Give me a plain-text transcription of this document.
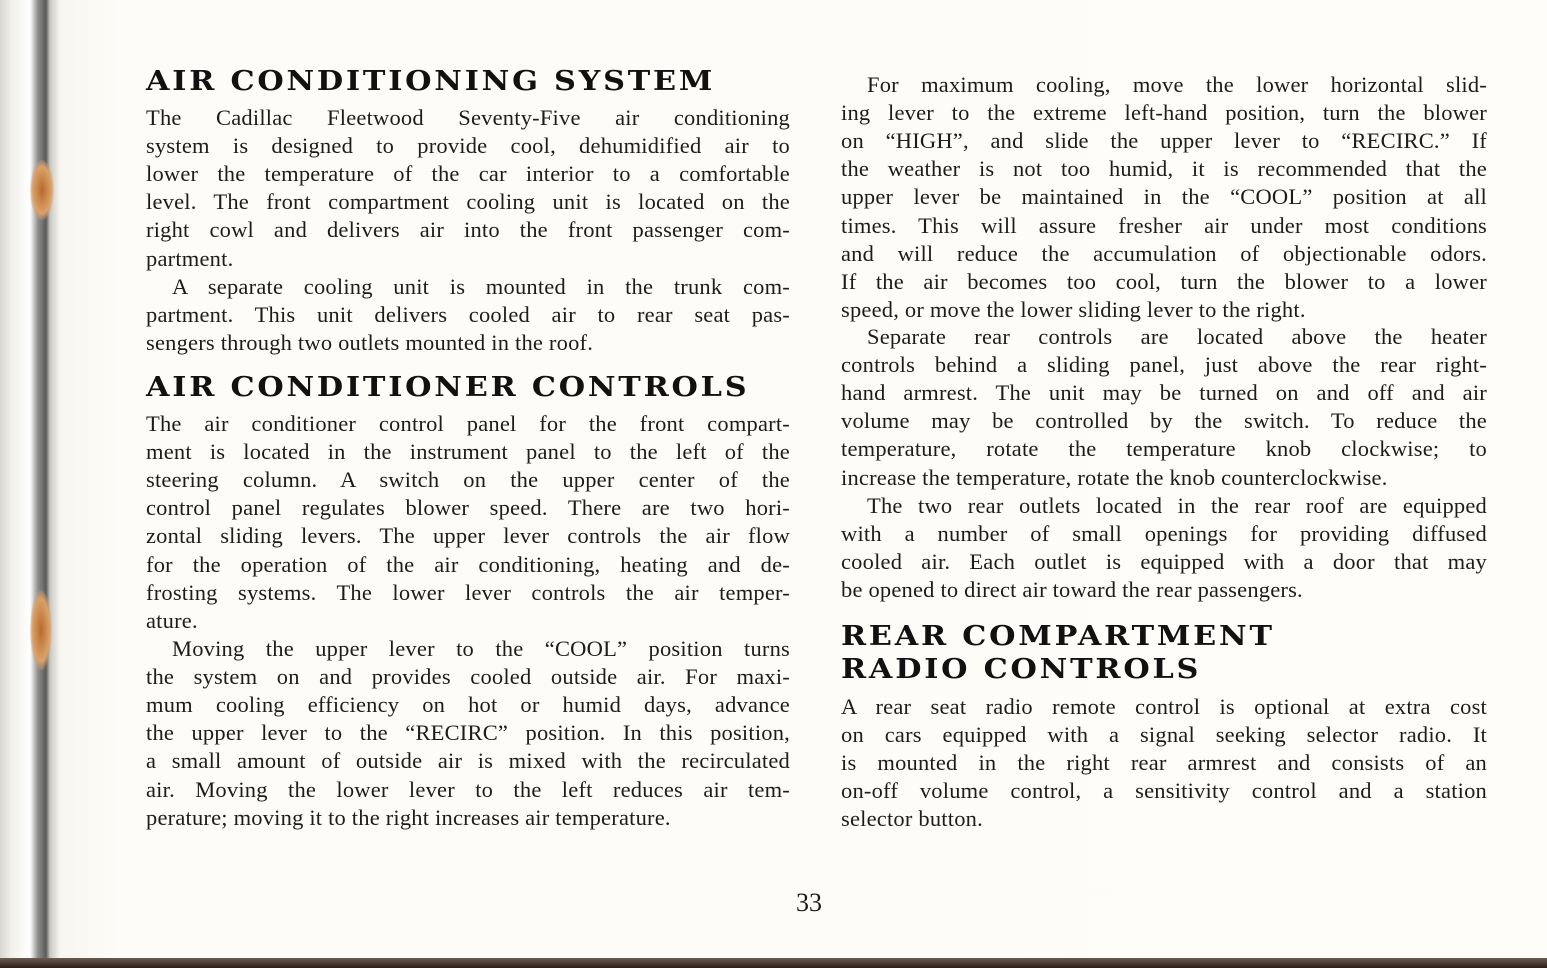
AIR CONDITIONING SYSTEM
The Cadillac Fleetwood Seventy-Five air conditioning
system is designed to provide cool, dehumidified air to
lower the temperature of the car interior to a comfortable
level. The front compartment cooling unit is located on the
right cowl and delivers air into the front passenger com-
partment.
A separate cooling unit is mounted in the trunk com-
partment. This unit delivers cooled air to rear seat pas-
sengers through two outlets mounted in the roof.
AIR CONDITIONER CONTROLS
The air conditioner control panel for the front compart-
ment is located in the instrument panel to the left of the
steering column. A switch on the upper center of the
control panel regulates blower speed. There are two hori-
zontal sliding levers. The upper lever controls the air flow
for the operation of the air conditioning, heating and de-
frosting systems. The lower lever controls the air temper-
ature.
Moving the upper lever to the “COOL” position turns
the system on and provides cooled outside air. For maxi-
mum cooling efficiency on hot or humid days, advance
the upper lever to the “RECIRC” position. In this position,
a small amount of outside air is mixed with the recirculated
air. Moving the lower lever to the left reduces air tem-
perature; moving it to the right increases air temperature.
For maximum cooling, move the lower horizontal slid-
ing lever to the extreme left-hand position, turn the blower
on “HIGH”, and slide the upper lever to “RECIRC.” If
the weather is not too humid, it is recommended that the
upper lever be maintained in the “COOL” position at all
times. This will assure fresher air under most conditions
and will reduce the accumulation of objectionable odors.
If the air becomes too cool, turn the blower to a lower
speed, or move the lower sliding lever to the right.
Separate rear controls are located above the heater
controls behind a sliding panel, just above the rear right-
hand armrest. The unit may be turned on and off and air
volume may be controlled by the switch. To reduce the
temperature, rotate the temperature knob clockwise; to
increase the temperature, rotate the knob counterclockwise.
The two rear outlets located in the rear roof are equipped
with a number of small openings for providing diffused
cooled air. Each outlet is equipped with a door that may
be opened to direct air toward the rear passengers.
REAR COMPARTMENT
RADIO CONTROLS
A rear seat radio remote control is optional at extra cost
on cars equipped with a signal seeking selector radio. It
is mounted in the right rear armrest and consists of an
on-off volume control, a sensitivity control and a station
selector button.
33
